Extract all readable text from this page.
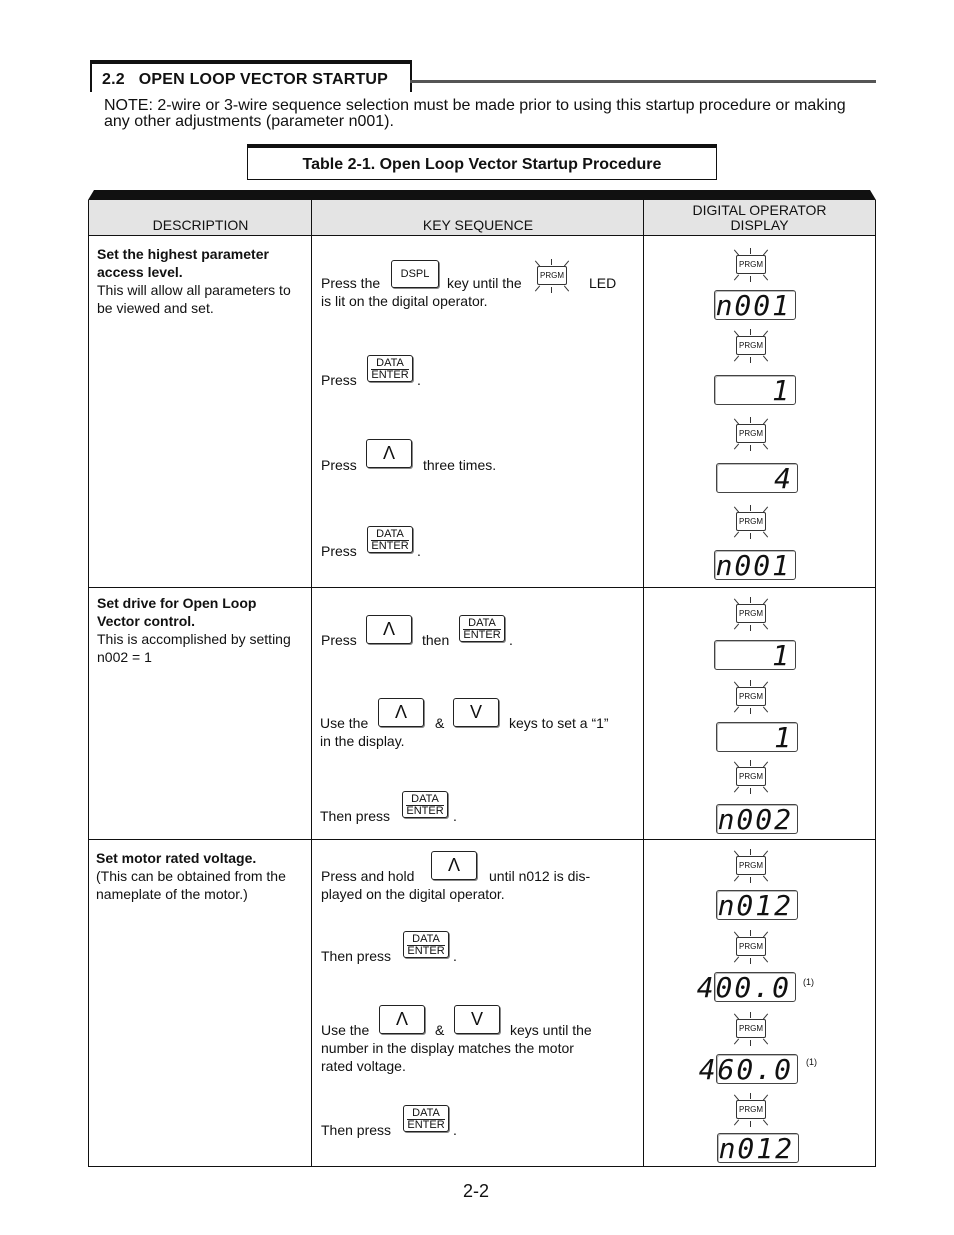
2.2 OPEN LOOP VECTOR STARTUP
NOTE: 2-wire or 3-wire sequence selection must be made prior to using this startup procedure or making any other adjustments (parameter n001).
Table 2-1. Open Loop Vector Startup Procedure
DESCRIPTION	KEY SEQUENCE
DIGITAL OPERATOR DISPLAY
Set the highest parameter access level.
This will allow all parameters to be viewed and set.
Press the
DSPL
key until the	PRGM LED
is lit on the digital operator.
Press
DATA
ENTER .
Press
Λ
three times.
Press
DATA
ENTER .
PRGM
n001
PRGM
1
PRGM
4
PRGM
n001
Set drive for Open Loop Vector control.
This is accomplished by setting n002 = 1
Press
Λ
then
DATA
ENTER .
Use the
Λ
&
V
keys to set a “1”
in the display.
Then press
DATA
ENTER .
PRGM
1
PRGM
1
PRGM
n002
Set motor rated voltage.
(This can be obtained from the nameplate of the motor.)
Press and hold
Λ
until n012 is dis-
played on the digital operator.
Then press
DATA
ENTER .
Use the
Λ
&
V
keys until the
number in the display matches the motor
rated voltage.
Then press
DATA
ENTER .
PRGM
n012
PRGM
400.0 (1)
PRGM
460.0 (1)
PRGM
n012
2-2
